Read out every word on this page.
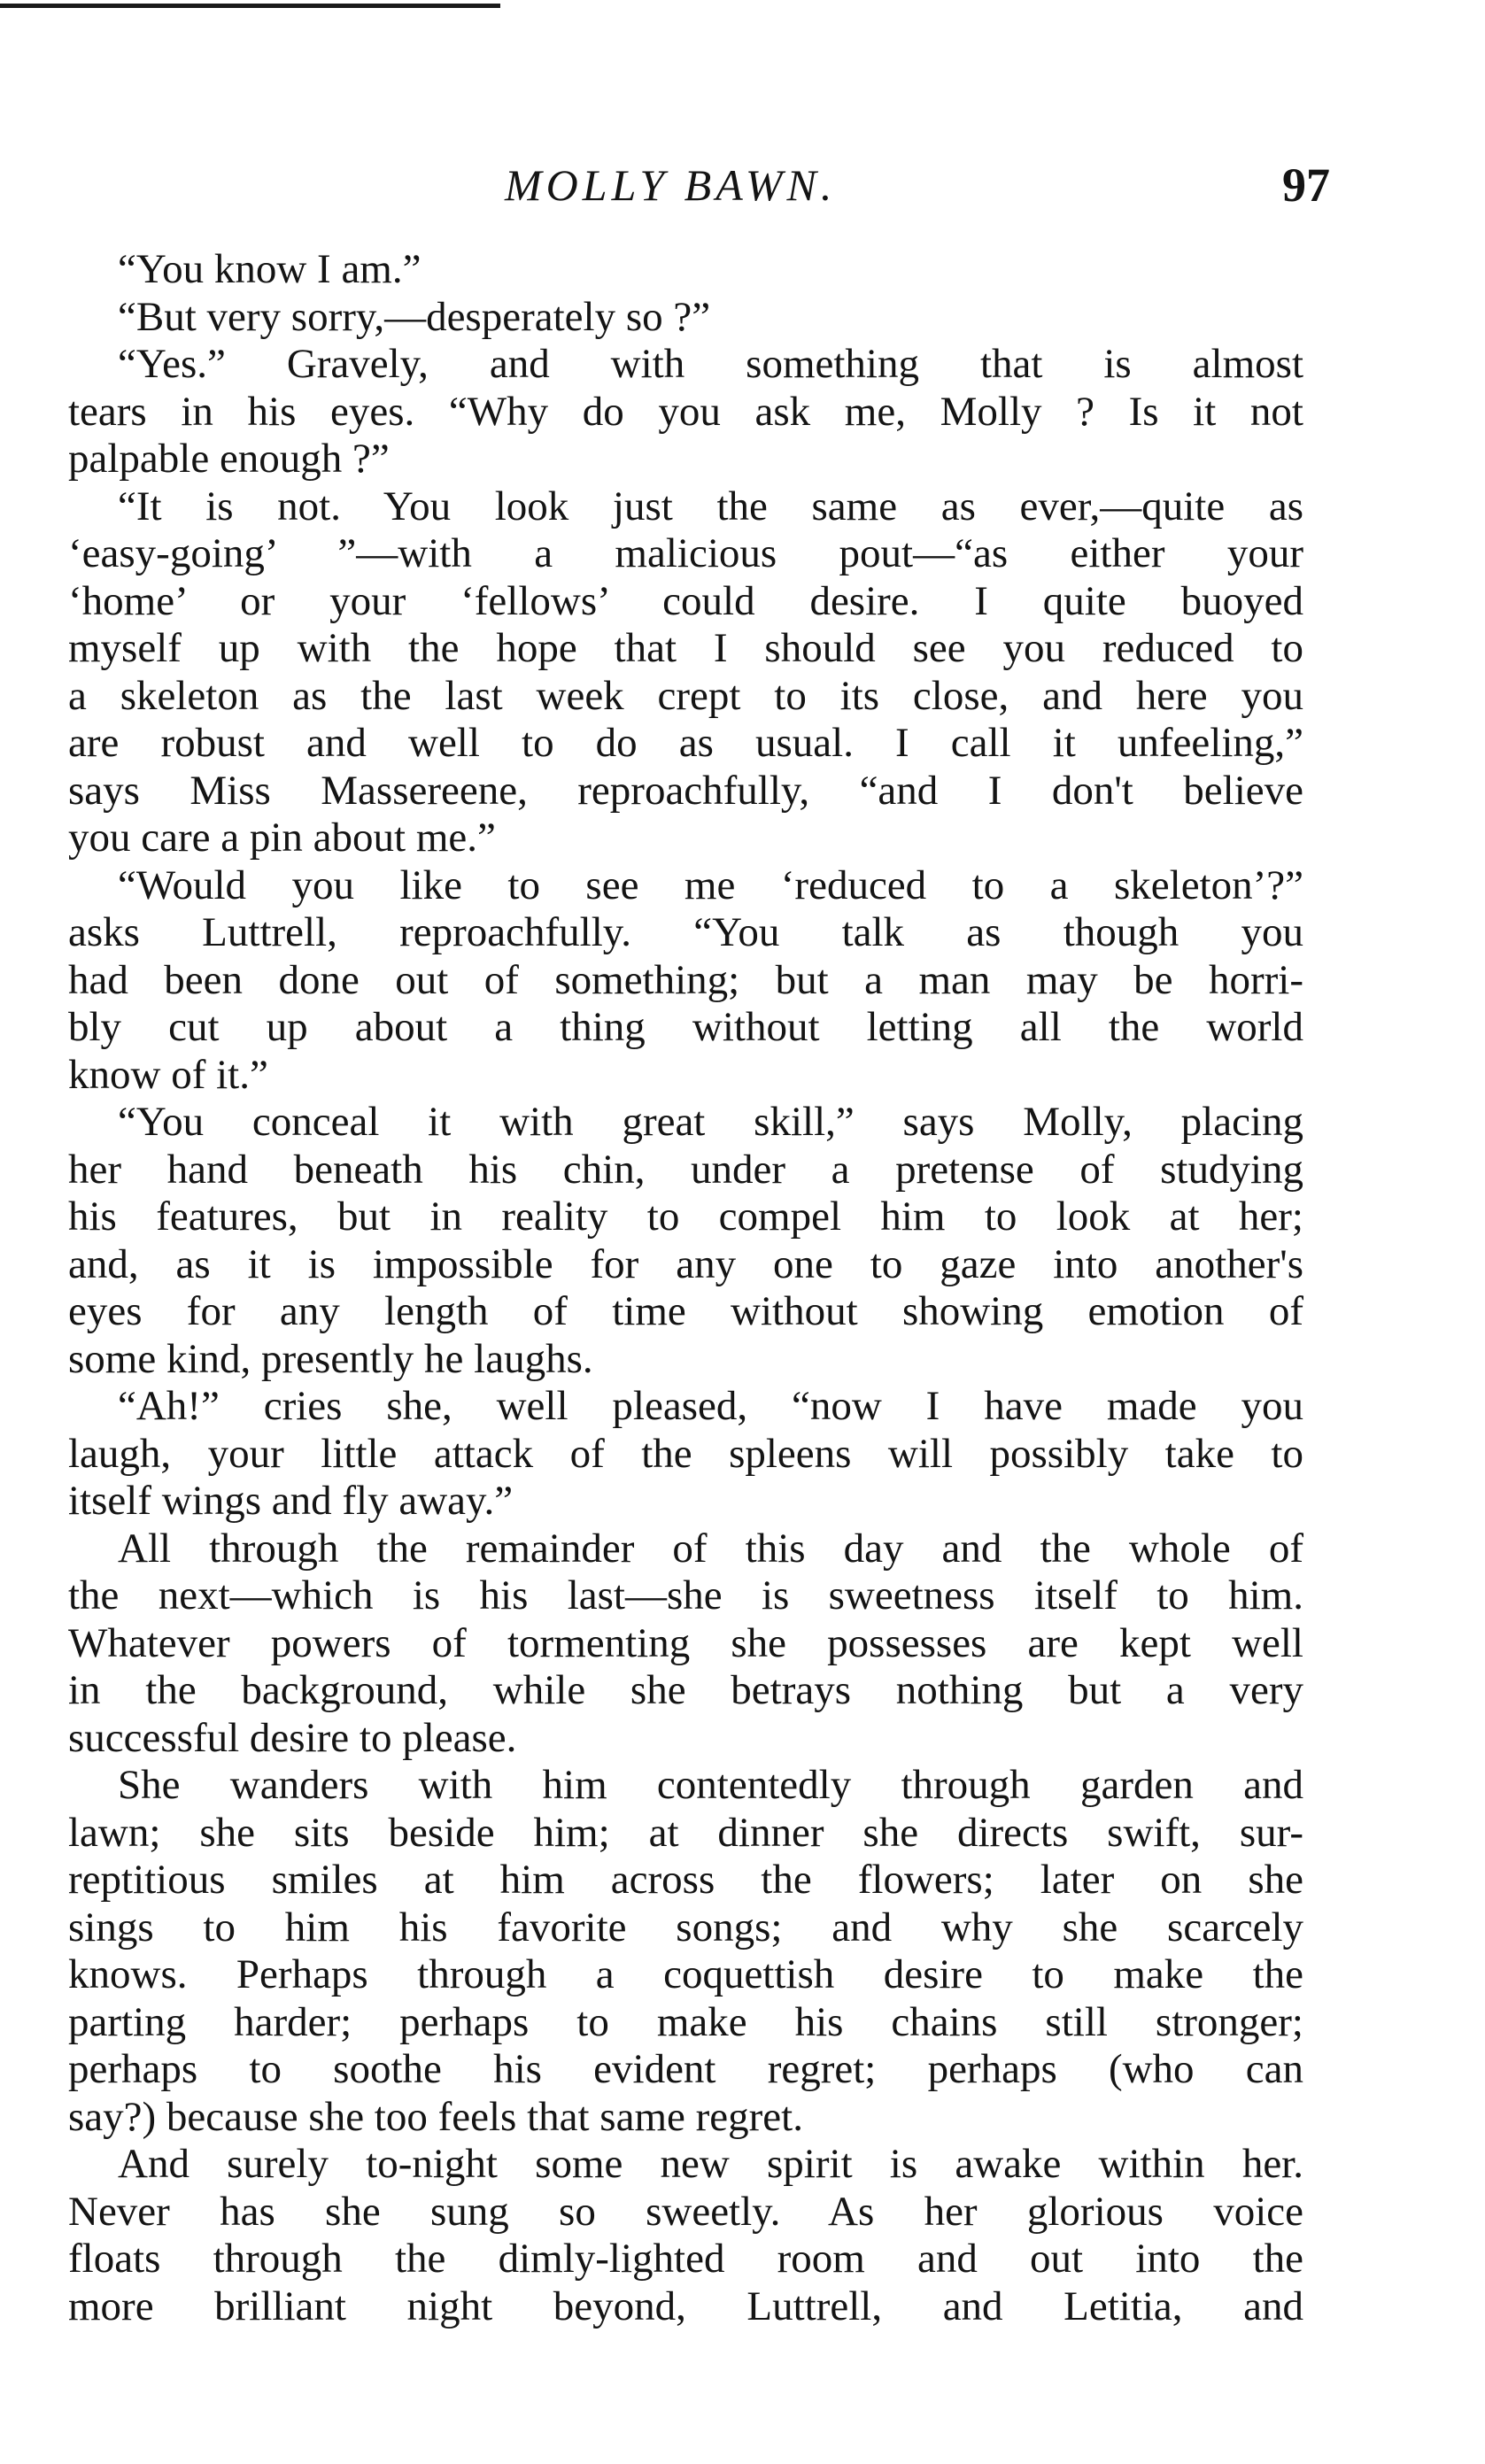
MOLLY BAWN.	97
“You know I am.”
“But very sorry,—desperately so ?”
“Yes.” Gravely, and with something that is almost
tears in his eyes. “Why do you ask me, Molly ? Is it not
palpable enough ?”
“It is not. You look just the same as ever,—quite as
‘easy-going’ ”—with a malicious pout—“as either your
‘home’ or your ‘fellows’ could desire. I quite buoyed
myself up with the hope that I should see you reduced to
a skeleton as the last week crept to its close, and here you
are robust and well to do as usual. I call it unfeeling,”
says Miss Massereene, reproachfully, “and I don't believe
you care a pin about me.”
“Would you like to see me ‘reduced to a skeleton’?”
asks Luttrell, reproachfully. “You talk as though you
had been done out of something; but a man may be horri-
bly cut up about a thing without letting all the world
know of it.”
“You conceal it with great skill,” says Molly, placing
her hand beneath his chin, under a pretense of studying
his features, but in reality to compel him to look at her;
and, as it is impossible for any one to gaze into another's
eyes for any length of time without showing emotion of
some kind, presently he laughs.
“Ah!” cries she, well pleased, “now I have made you
laugh, your little attack of the spleens will possibly take to
itself wings and fly away.”
All through the remainder of this day and the whole of
the next—which is his last—she is sweetness itself to him.
Whatever powers of tormenting she possesses are kept well
in the background, while she betrays nothing but a very
successful desire to please.
She wanders with him contentedly through garden and
lawn; she sits beside him; at dinner she directs swift, sur-
reptitious smiles at him across the flowers; later on she
sings to him his favorite songs; and why she scarcely
knows. Perhaps through a coquettish desire to make the
parting harder; perhaps to make his chains still stronger;
perhaps to soothe his evident regret; perhaps (who can
say?) because she too feels that same regret.
And surely to-night some new spirit is awake within her.
Never has she sung so sweetly. As her glorious voice
floats through the dimly-lighted room and out into the
more brilliant night beyond, Luttrell, and Letitia, and
